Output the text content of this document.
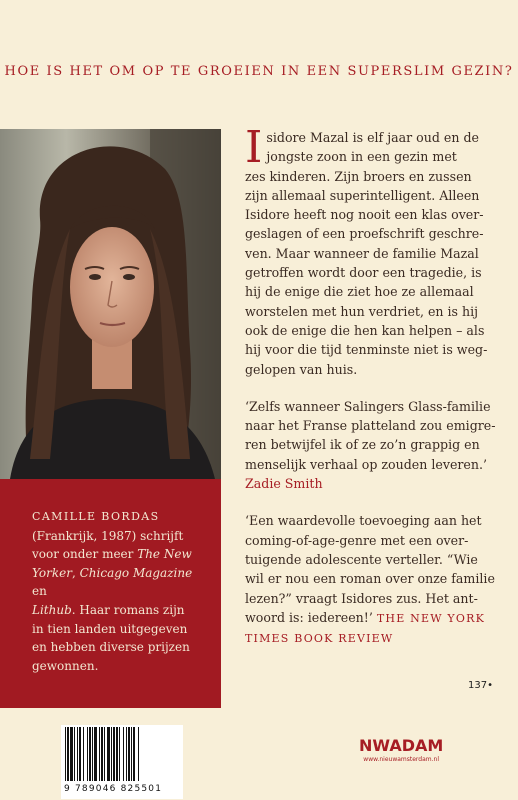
HOE IS HET OM OP TE GROEIEN IN EEN SUPERSLIM GEZIN?

CAMILLE BORDAS
(Frankrijk, 1987) schrijft
voor onder meer The New
Yorker, Chicago Magazine en
Lithub. Haar romans zijn
in tien landen uitgegeven
en hebben diverse prijzen
gewonnen.

I sidore Mazal is elf jaar oud en de
jongste zoon in een gezin met
zes kinderen. Zijn broers en zussen
zijn allemaal superintelligent. Alleen
Isidore heeft nog nooit een klas over-
geslagen of een proefschrift geschre-
ven. Maar wanneer de familie Mazal
getroffen wordt door een tragedie, is
hij de enige die ziet hoe ze allemaal
worstelen met hun verdriet, en is hij
ook de enige die hen kan helpen – als
hij voor die tijd tenminste niet is weg-
gelopen van huis.

‘Zelfs wanneer Salingers Glass-familie
naar het Franse platteland zou emigre-
ren betwijfel ik of ze zo’n grappig en
menselijk verhaal op zouden leveren.’
Zadie Smith

‘Een waardevolle toevoeging aan het
coming-of-age-genre met een over-
tuigende adolescente verteller. “Wie
wil er nou een roman over onze familie
lezen?” vraagt Isidores zus. Het ant-
woord is: iedereen!’ THE NEW YORK
TIMES BOOK REVIEW

137•
9 789046 825501
NWADAM
www.nieuwamsterdam.nl
